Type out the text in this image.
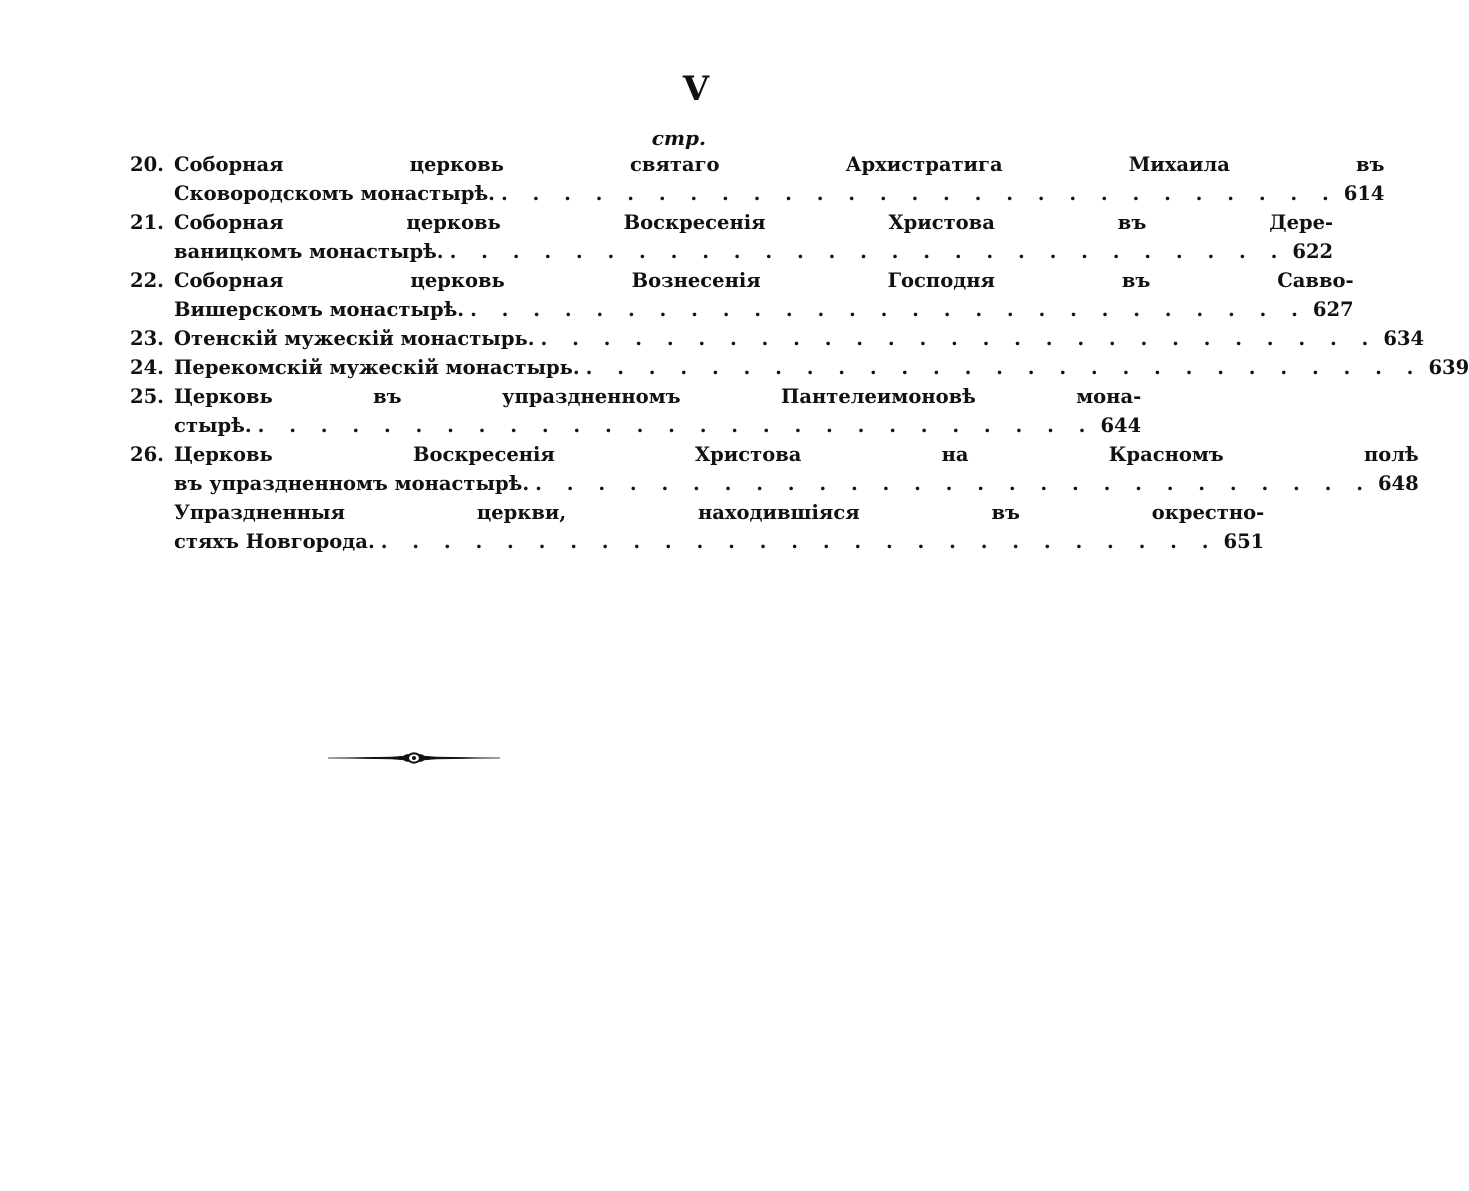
V
стр.
20. Соборная церковь святаго Архистратига Михаила въ
Сковородскомъ монастырѣ. . . . . . . . . . . . . . . . . . . . . . . . . . . . 614
21. Соборная церковь Воскресенія Христова въ Дере-
ваницкомъ монастырѣ. . . . . . . . . . . . . . . . . . . . . . . . . . . . 622
22. Соборная церковь Вознесенія Господня въ Савво-
Вишерскомъ монастырѣ. . . . . . . . . . . . . . . . . . . . . . . . . . . . 627
23. Отенскій мужескій монастырь. . . . . . . . . . . . . . . . . . . . . . . . . . . . 634
24. Перекомскій мужескій монастырь. . . . . . . . . . . . . . . . . . . . . . . . . . . . 639
25. Церковь въ упраздненномъ Пантелеимоновѣ мона-
стырѣ. . . . . . . . . . . . . . . . . . . . . . . . . . . . 644
26. Церковь Воскресенія Христова на Красномъ полѣ
въ упраздненномъ монастырѣ. . . . . . . . . . . . . . . . . . . . . . . . . . . . 648
Упраздненныя церкви, находившіяся въ окрестно-
стяхъ Новгорода. . . . . . . . . . . . . . . . . . . . . . . . . . . . 651
